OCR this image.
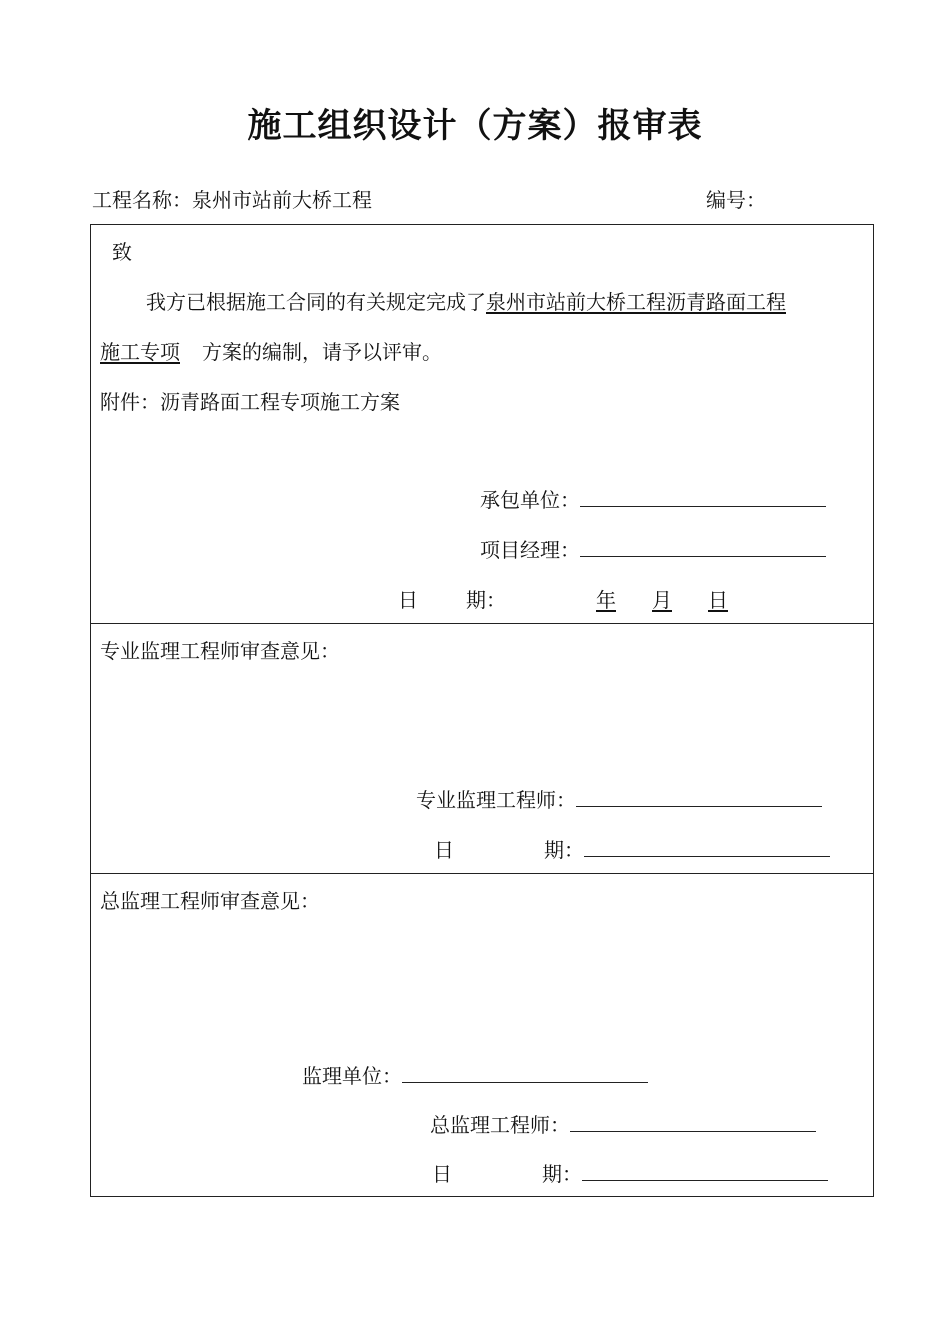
施工组织设计（方案）报审表
工程名称：泉州市站前大桥工程	编号：
致
我方已根据施工合同的有关规定完成了泉州市站前大桥工程沥青路面工程
施工专项 方案的编制，请予以评审。
附件：沥青路面工程专项施工方案
承包单位：
项目经理：
日 期：	年 月 日
专业监理工程师审查意见：
专业监理工程师：
日	期：
总监理工程师审查意见：
监理单位：
总监理工程师：
日	期：
